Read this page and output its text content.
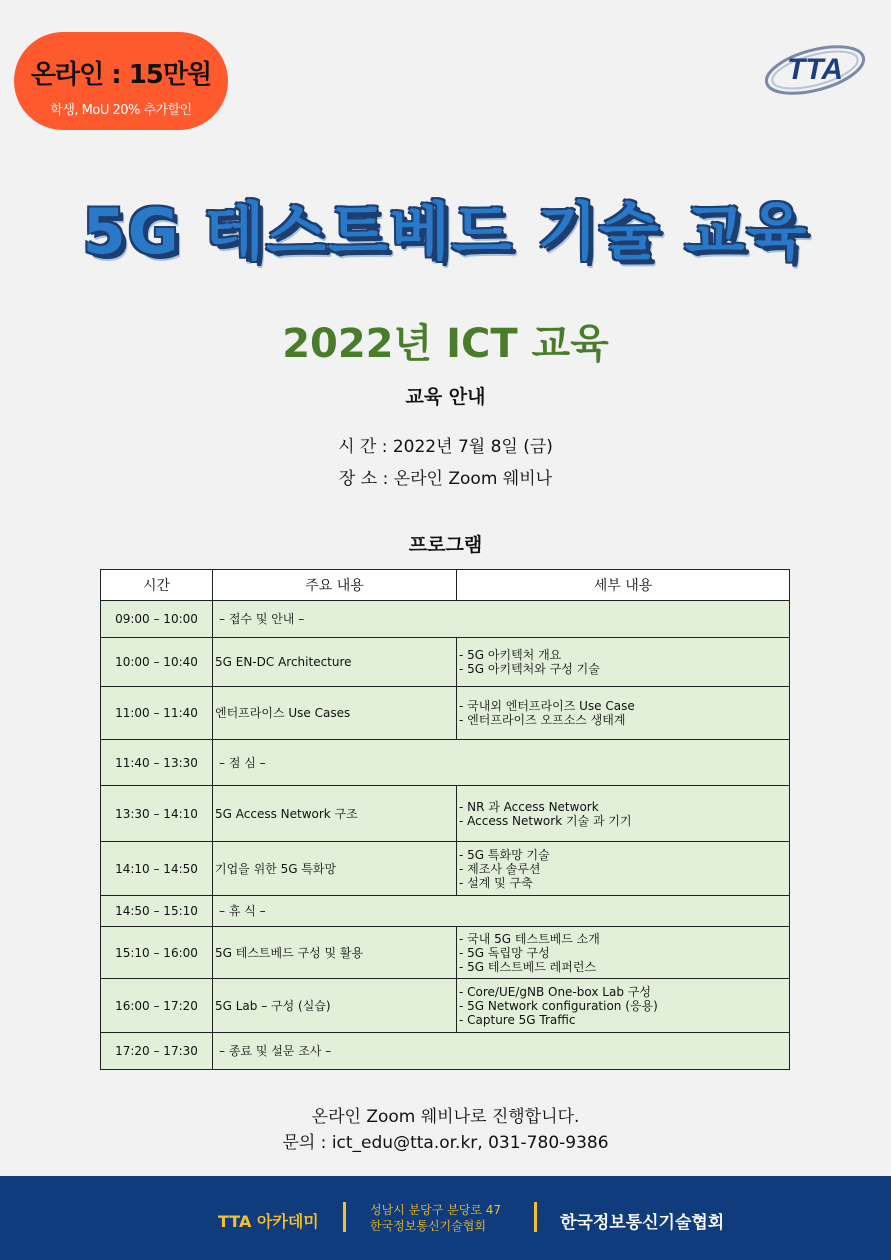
온라인 : 15만원
학생, MoU 20% 추가할인
TTA
5G 테스트베드 기술 교육
2022년 ICT 교육
교육 안내
시 간 : 2022년 7월 8일 (금)
장 소 : 온라인 Zoom 웨비나
프로그램
시간	주요 내용	세부 내용
09:00 – 10:00	– 접수 및 안내 –	
10:00 – 10:40	5G EN-DC Architecture	- 5G 아키텍처 개요
- 5G 아키텍처와 구성 기술

11:00 – 11:40	엔터프라이스 Use Cases	- 국내외 엔터프라이즈 Use Case
- 엔터프라이즈 오프소스 생태계

11:40 – 13:30	– 점 심 –	
13:30 – 14:10	5G Access Network 구조	- NR 과 Access Network
- Access Network 기술 과 기기

14:10 – 14:50	기업을 위한 5G 특화망	- 5G 특화망 기술
- 제조사 솔루션
- 설계 및 구축

14:50 – 15:10	– 휴 식 –	
15:10 – 16:00	5G 테스트베드 구성 및 활용	- 국내 5G 테스트베드 소개
- 5G 독립망 구성
- 5G 테스트베드 레퍼런스

16:00 – 17:20	5G Lab – 구성 (실습)	- Core/UE/gNB One-box Lab 구성
- 5G Network configuration (응용)
- Capture 5G Traffic

17:20 – 17:30	– 종료 및 설문 조사 –	
온라인 Zoom 웨비나로 진행합니다.
문의 : ict_edu@tta.or.kr, 031-780-9386
TTA 아카데미
성남시 분당구 분당로 47
한국정보통신기술협회	한국정보통신기술협회
